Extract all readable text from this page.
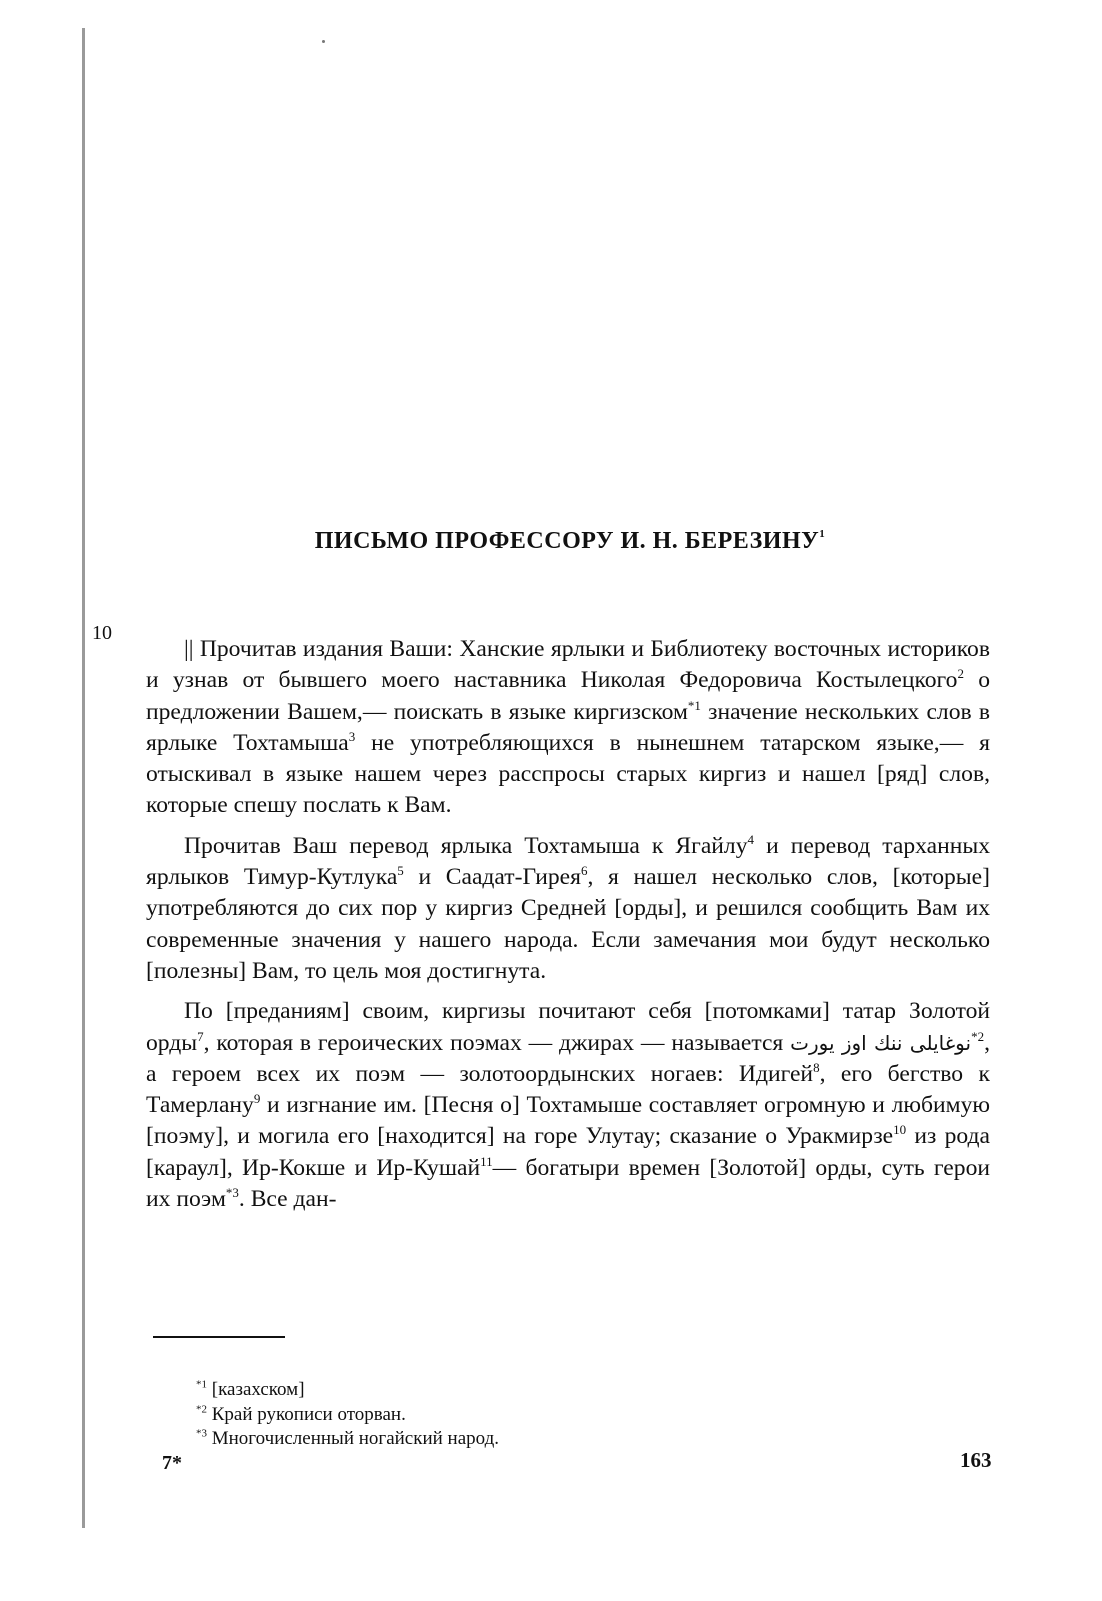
ПИСЬМО ПРОФЕССОРУ И. Н. БЕРЕЗИНУ$^1$
10

|| Прочитав издания Ваши: Ханские ярлыки и Библиотеку восточных историков и узнав от бывшего моего наставника Николая Федоровича Костылецкого$^2$ о предложении Вашем,— поискать в языке киргизском$^{*1}$ значение нескольких слов в ярлыке Тохтамыша$^3$ не употребляющихся в нынешнем татарском языке,— я отыскивал в языке нашем через расспросы старых киргиз и нашел [ряд] слов, которые спешу послать к Вам.

Прочитав Ваш перевод ярлыка Тохтамыша к Ягайлу$^4$ и перевод тарханных ярлыков Тимур-Кутлука$^5$ и Саадат-Гирея$^6$, я нашел несколько слов, [которые] употребляются до сих пор у киргиз Средней [орды], и решился сообщить Вам их современные значения у нашего народа. Если замечания мои будут несколько [полезны] Вам, то цель моя достигнута.

По [преданиям] своим, киргизы почитают себя [потомками] татар Золотой орды$^7$, которая в героических поэмах — джирах — называется نوغايلى ننك اوز يورت$^{*2}$, а героем всех их поэм — золотоордынских ногаев: Идигей$^8$, его бегство к Тамерлану$^9$ и изгнание им. [Песня о] Тохтамыше составляет огромную и любимую [поэму], и могила его [находится] на горе Улутау; сказание о Уракмирзе$^{10}$ из рода [караул], Ир-Кокше и Ир-Кушай$^{11}$— богатыри времен [Золотой] орды, суть герои их поэм$^{*3}$. Все дан-

$^{*1}$ [казахском]
$^{*2}$ Край рукописи оторван.
$^{*3}$ Многочисленный ногайский народ.
7*	163
